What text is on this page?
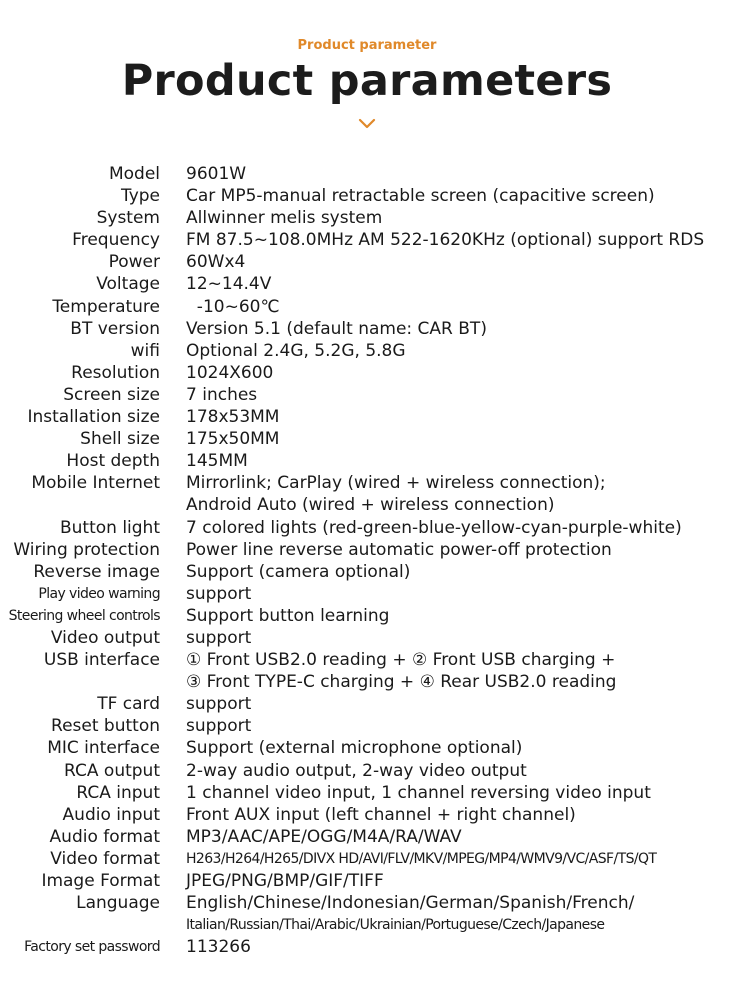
Product parameter
Product parameters
Model 9601W
Type Car MP5-manual retractable screen (capacitive screen)
System Allwinner melis system
Frequency FM 87.5~108.0MHz AM 522-1620KHz (optional) support RDS
Power 60Wx4
Voltage 12~14.4V
Temperature -10~60℃
BT version Version 5.1 (default name: CAR BT)
wifi Optional 2.4G, 5.2G, 5.8G
Resolution 1024X600
Screen size 7 inches
Installation size 178x53MM
Shell size 175x50MM
Host depth 145MM
Mobile Internet Mirrorlink; CarPlay (wired + wireless connection);
Android Auto (wired + wireless connection)
Button light 7 colored lights (red-green-blue-yellow-cyan-purple-white)
Wiring protection Power line reverse automatic power-off protection
Reverse image Support (camera optional)
Play video warning support
Steering wheel controls Support button learning
Video output support
USB interface ① Front USB2.0 reading + ② Front USB charging +
③ Front TYPE-C charging + ④ Rear USB2.0 reading
TF card support
Reset button support
MIC interface Support (external microphone optional)
RCA output 2-way audio output, 2-way video output
RCA input 1 channel video input, 1 channel reversing video input
Audio input Front AUX input (left channel + right channel)
Audio format MP3/AAC/APE/OGG/M4A/RA/WAV
Video format H263/H264/H265/DIVX HD/AVI/FLV/MKV/MPEG/MP4/WMV9/VC/ASF/TS/QT
Image Format JPEG/PNG/BMP/GIF/TIFF
Language English/Chinese/Indonesian/German/Spanish/French/
Italian/Russian/Thai/Arabic/Ukrainian/Portuguese/Czech/Japanese
Factory set password 113266
